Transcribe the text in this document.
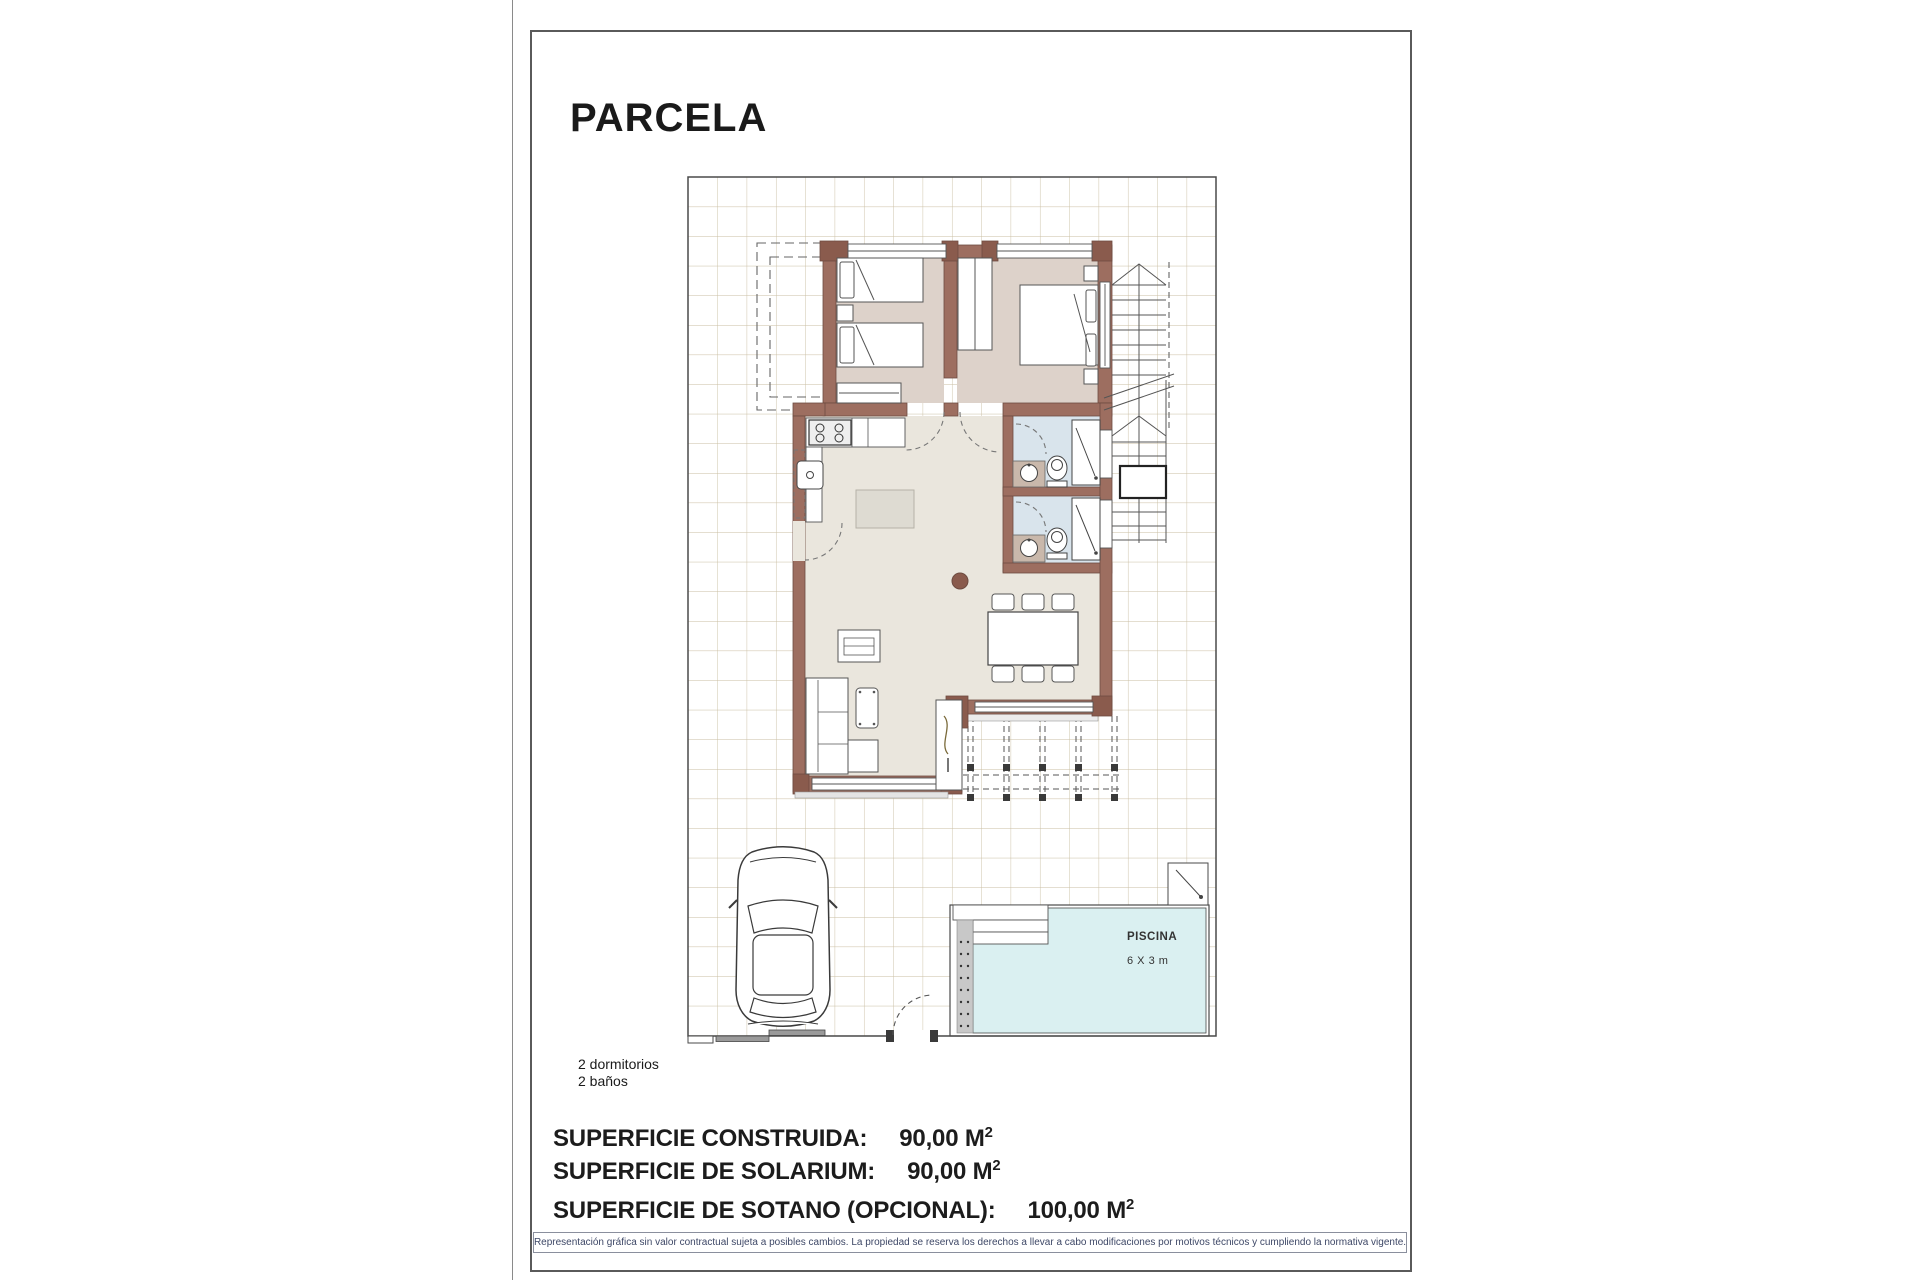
PARCELA
PISCINA
6 X 3 m
2 dormitorios
2 baños
SUPERFICIE CONSTRUIDA: 90,00 $M^2$
SUPERFICIE DE SOLARIUM: 90,00 $M^2$
SUPERFICIE DE SOTANO (OPCIONAL): 100,00 $M^2$
Representación gráfica sin valor contractual sujeta a posibles cambios. La propiedad se reserva los derechos a llevar a cabo modificaciones por motivos técnicos y cumpliendo la normativa vigente.
